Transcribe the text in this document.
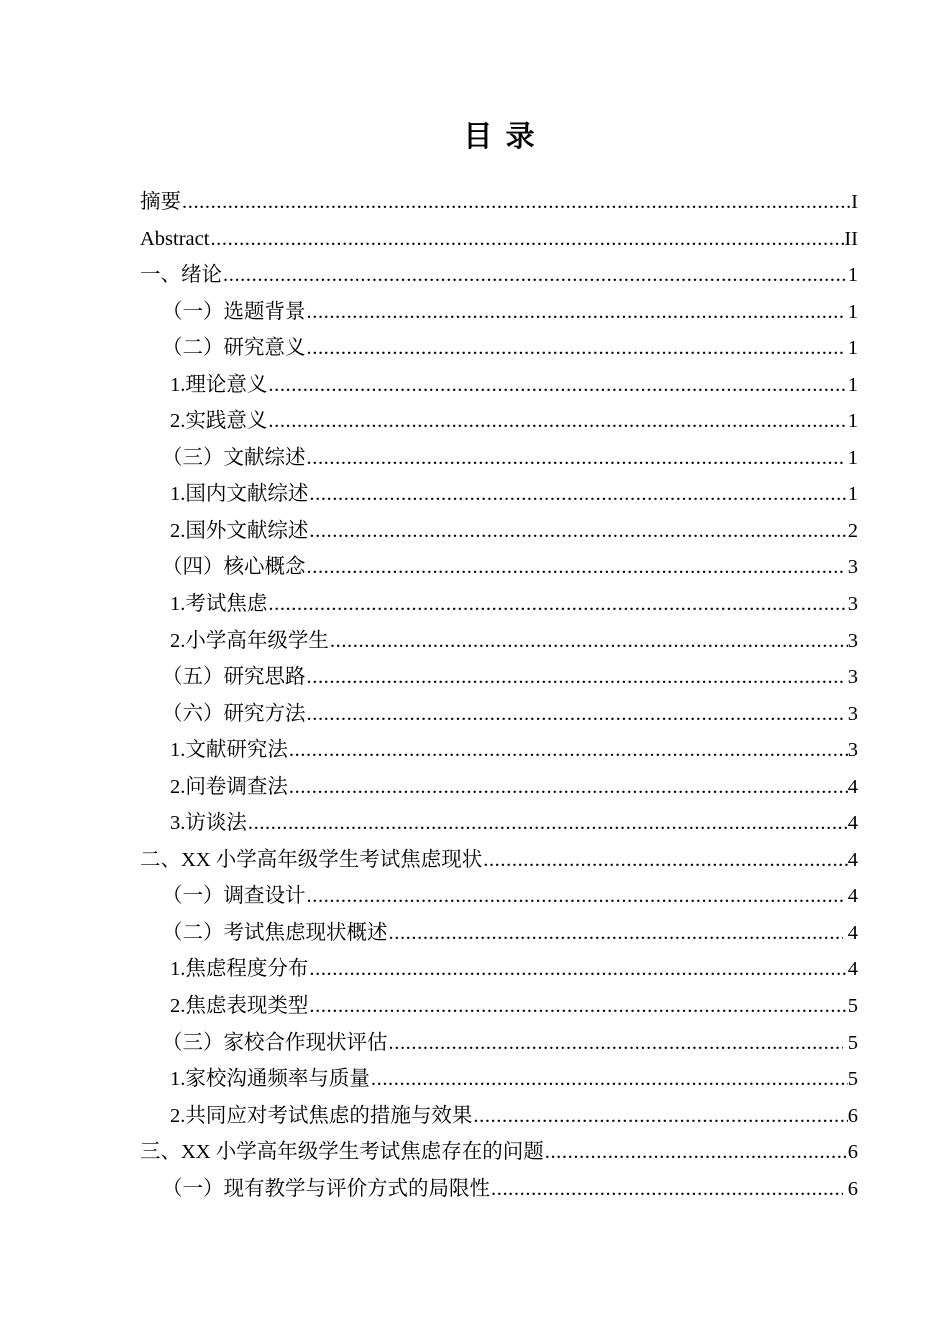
目 录
摘要 .....	I
Abstract .....	II
一、绪论 .....	1
（一）选题背景 .....	1
（二）研究意义 .....	1
1.理论意义 .....	1
2.实践意义 .....	1
（三）文献综述 .....	1
1.国内文献综述 .....	1
2.国外文献综述 .....	2
（四）核心概念 .....	3
1.考试焦虑 .....	3
2.小学高年级学生 .....	3
（五）研究思路 .....	3
（六）研究方法 .....	3
1.文献研究法 .....	3
2.问卷调查法 .....	4
3.访谈法 .....	4
二、XX 小学高年级学生考试焦虑现状 .....	4
（一）调查设计 .....	4
（二）考试焦虑现状概述 .....	4
1.焦虑程度分布 .....	4
2.焦虑表现类型 .....	5
（三）家校合作现状评估 .....	5
1.家校沟通频率与质量 .....	5
2.共同应对考试焦虑的措施与效果 .....	6
三、XX 小学高年级学生考试焦虑存在的问题 .....	6
（一）现有教学与评价方式的局限性 .....	6
